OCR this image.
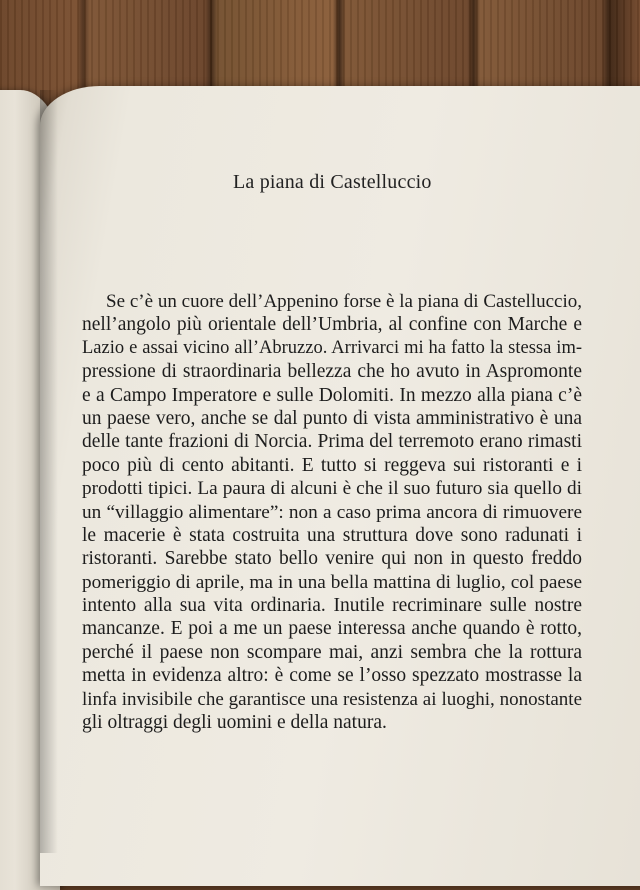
La piana di Castelluccio
Se c’è un cuore dell’Appenino forse è la piana di Castelluccio,
nell’angolo più orientale dell’Umbria, al confine con Marche e
Lazio e assai vicino all’Abruzzo. Arrivarci mi ha fatto la stessa im-
pressione di straordinaria bellezza che ho avuto in Aspromonte
e a Campo Imperatore e sulle Dolomiti. In mezzo alla piana c’è
un paese vero, anche se dal punto di vista amministrativo è una
delle tante frazioni di Norcia. Prima del terremoto erano rimasti
poco più di cento abitanti. E tutto si reggeva sui ristoranti e i
prodotti tipici. La paura di alcuni è che il suo futuro sia quello di
un “villaggio alimentare”: non a caso prima ancora di rimuovere
le macerie è stata costruita una struttura dove sono radunati i
ristoranti. Sarebbe stato bello venire qui non in questo freddo
pomeriggio di aprile, ma in una bella mattina di luglio, col paese
intento alla sua vita ordinaria. Inutile recriminare sulle nostre
mancanze. E poi a me un paese interessa anche quando è rotto,
perché il paese non scompare mai, anzi sembra che la rottura
metta in evidenza altro: è come se l’osso spezzato mostrasse la
linfa invisibile che garantisce una resistenza ai luoghi, nonostante
gli oltraggi degli uomini e della natura.
